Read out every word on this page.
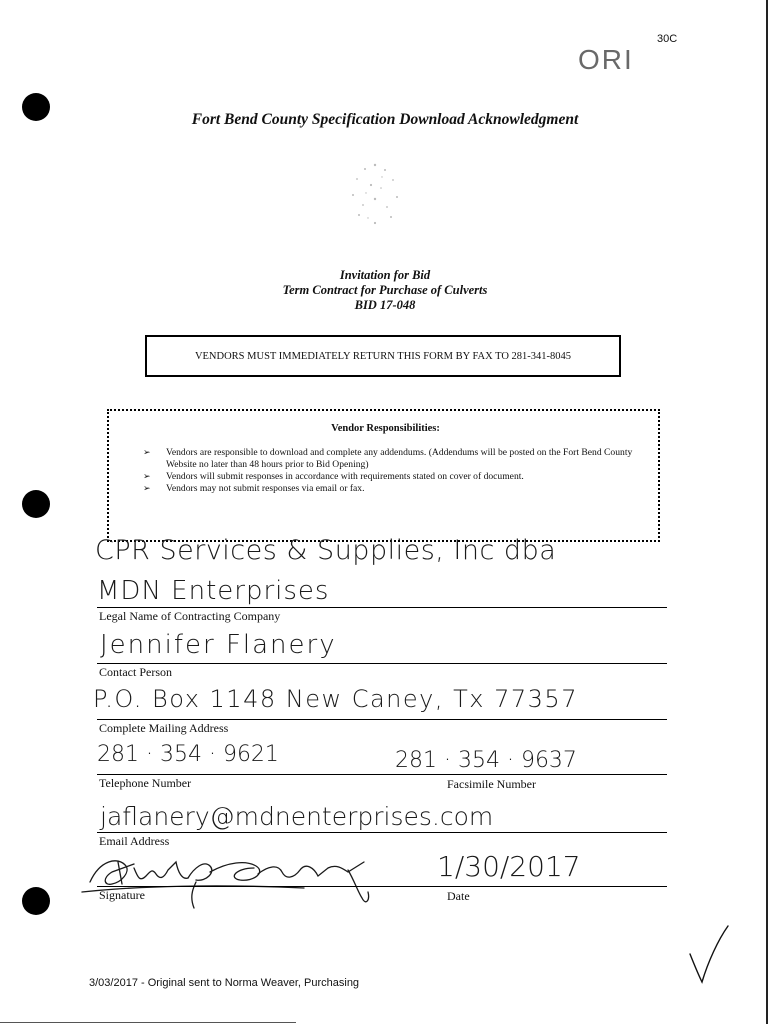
30C
ORI
Fort Bend County Specification Download Acknowledgment
Invitation for Bid
Term Contract for Purchase of Culverts
BID 17-048
VENDORS MUST IMMEDIATELY RETURN THIS FORM BY FAX TO 281-341-8045
Vendor Responsibilities:
➢ Vendors are responsible to download and complete any addendums. (Addendums will be posted on the Fort Bend County Website no later than 48 hours prior to Bid Opening)
➢ Vendors will submit responses in accordance with requirements stated on cover of document.
➢ Vendors may not submit responses via email or fax.
CPR Services & Supplies, Inc dba
MDN Enterprises
Legal Name of Contracting Company
Jennifer Flanery
Contact Person
P.O. Box 1148 New Caney, Tx 77357
Complete Mailing Address
281 · 354 · 9621	281 · 354 · 9637
Telephone Number	Facsimile Number
jaflanery@mdnenterprises.com
Email Address
1/30/2017
Signature	Date
3/03/2017 - Original sent to Norma Weaver, Purchasing
